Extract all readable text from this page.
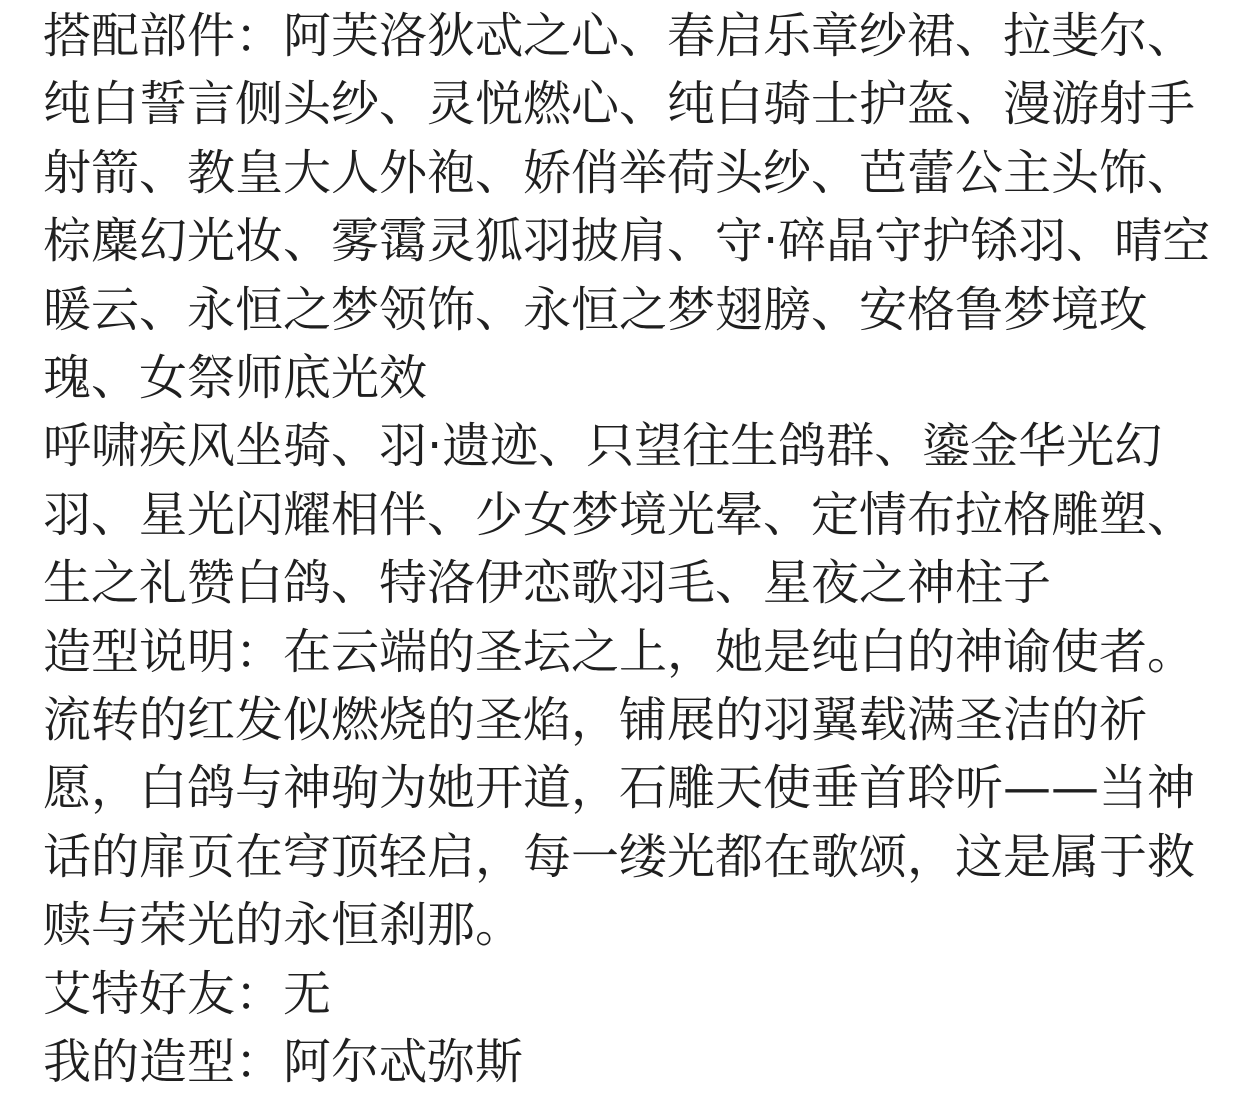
搭配部件：阿芙洛狄忒之心、春启乐章纱裙、拉斐尔、纯白誓言侧头纱、灵悦燃心、纯白骑士护盔、漫游射手射箭、教皇大人外袍、娇俏举荷头纱、芭蕾公主头饰、棕麋幻光妆、雾霭灵狐羽披肩、守·碎晶守护铩羽、晴空暖云、永恒之梦领饰、永恒之梦翅膀、安格鲁梦境玫瑰、女祭师底光效

呼啸疾风坐骑、羽·遗迹、只望往生鸽群、鎏金华光幻羽、星光闪耀相伴、少女梦境光晕、定情布拉格雕塑、生之礼赞白鸽、特洛伊恋歌羽毛、星夜之神柱子

造型说明：在云端的圣坛之上，她是纯白的神谕使者。流转的红发似燃烧的圣焰，铺展的羽翼载满圣洁的祈愿，白鸽与神驹为她开道，石雕天使垂首聆听——当神话的扉页在穹顶轻启，每一缕光都在歌颂，这是属于救赎与荣光的永恒刹那。

艾特好友：无

我的造型：阿尔忒弥斯
